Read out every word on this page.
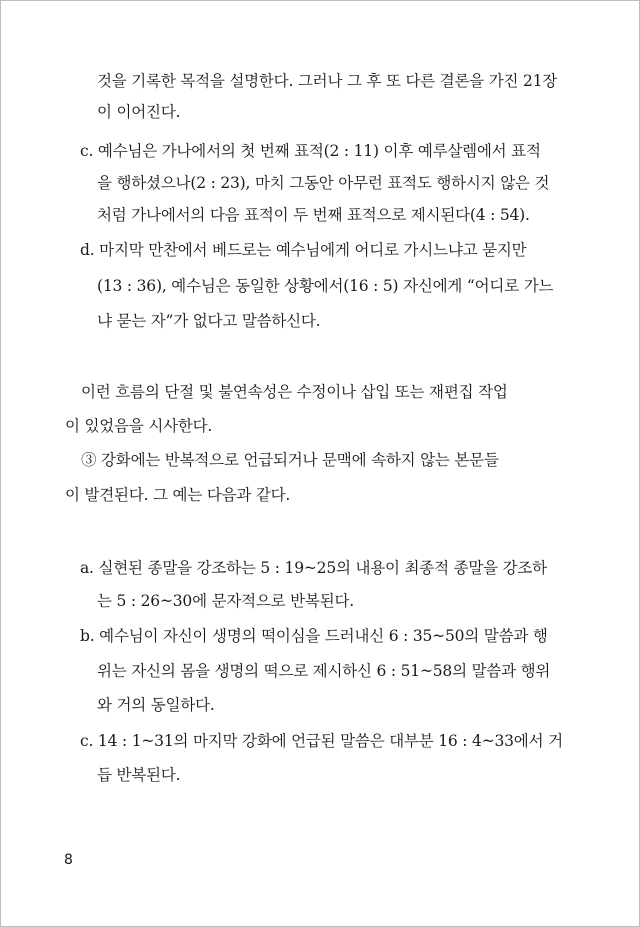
것을 기록한 목적을 설명한다. 그러나 그 후 또 다른 결론을 가진 21장
이 이어진다.
c. 예수님은 가나에서의 첫 번째 표적(2 : 11) 이후 예루살렘에서 표적
을 행하셨으나(2 : 23), 마치 그동안 아무런 표적도 행하시지 않은 것
처럼 가나에서의 다음 표적이 두 번째 표적으로 제시된다(4 : 54).
d. 마지막 만찬에서 베드로는 예수님에게 어디로 가시느냐고 묻지만
(13 : 36), 예수님은 동일한 상황에서(16 : 5) 자신에게 “어디로 가느
냐 묻는 자”가 없다고 말씀하신다.
이런 흐름의 단절 및 불연속성은 수정이나 삽입 또는 재편집 작업
이 있었음을 시사한다.
③ 강화에는 반복적으로 언급되거나 문맥에 속하지 않는 본문들
이 발견된다. 그 예는 다음과 같다.
a. 실현된 종말을 강조하는 5 : 19~25의 내용이 최종적 종말을 강조하
는 5 : 26~30에 문자적으로 반복된다.
b. 예수님이 자신이 생명의 떡이심을 드러내신 6 : 35~50의 말씀과 행
위는 자신의 몸을 생명의 떡으로 제시하신 6 : 51~58의 말씀과 행위
와 거의 동일하다.
c. 14 : 1~31의 마지막 강화에 언급된 말씀은 대부분 16 : 4~33에서 거
듭 반복된다.
8
